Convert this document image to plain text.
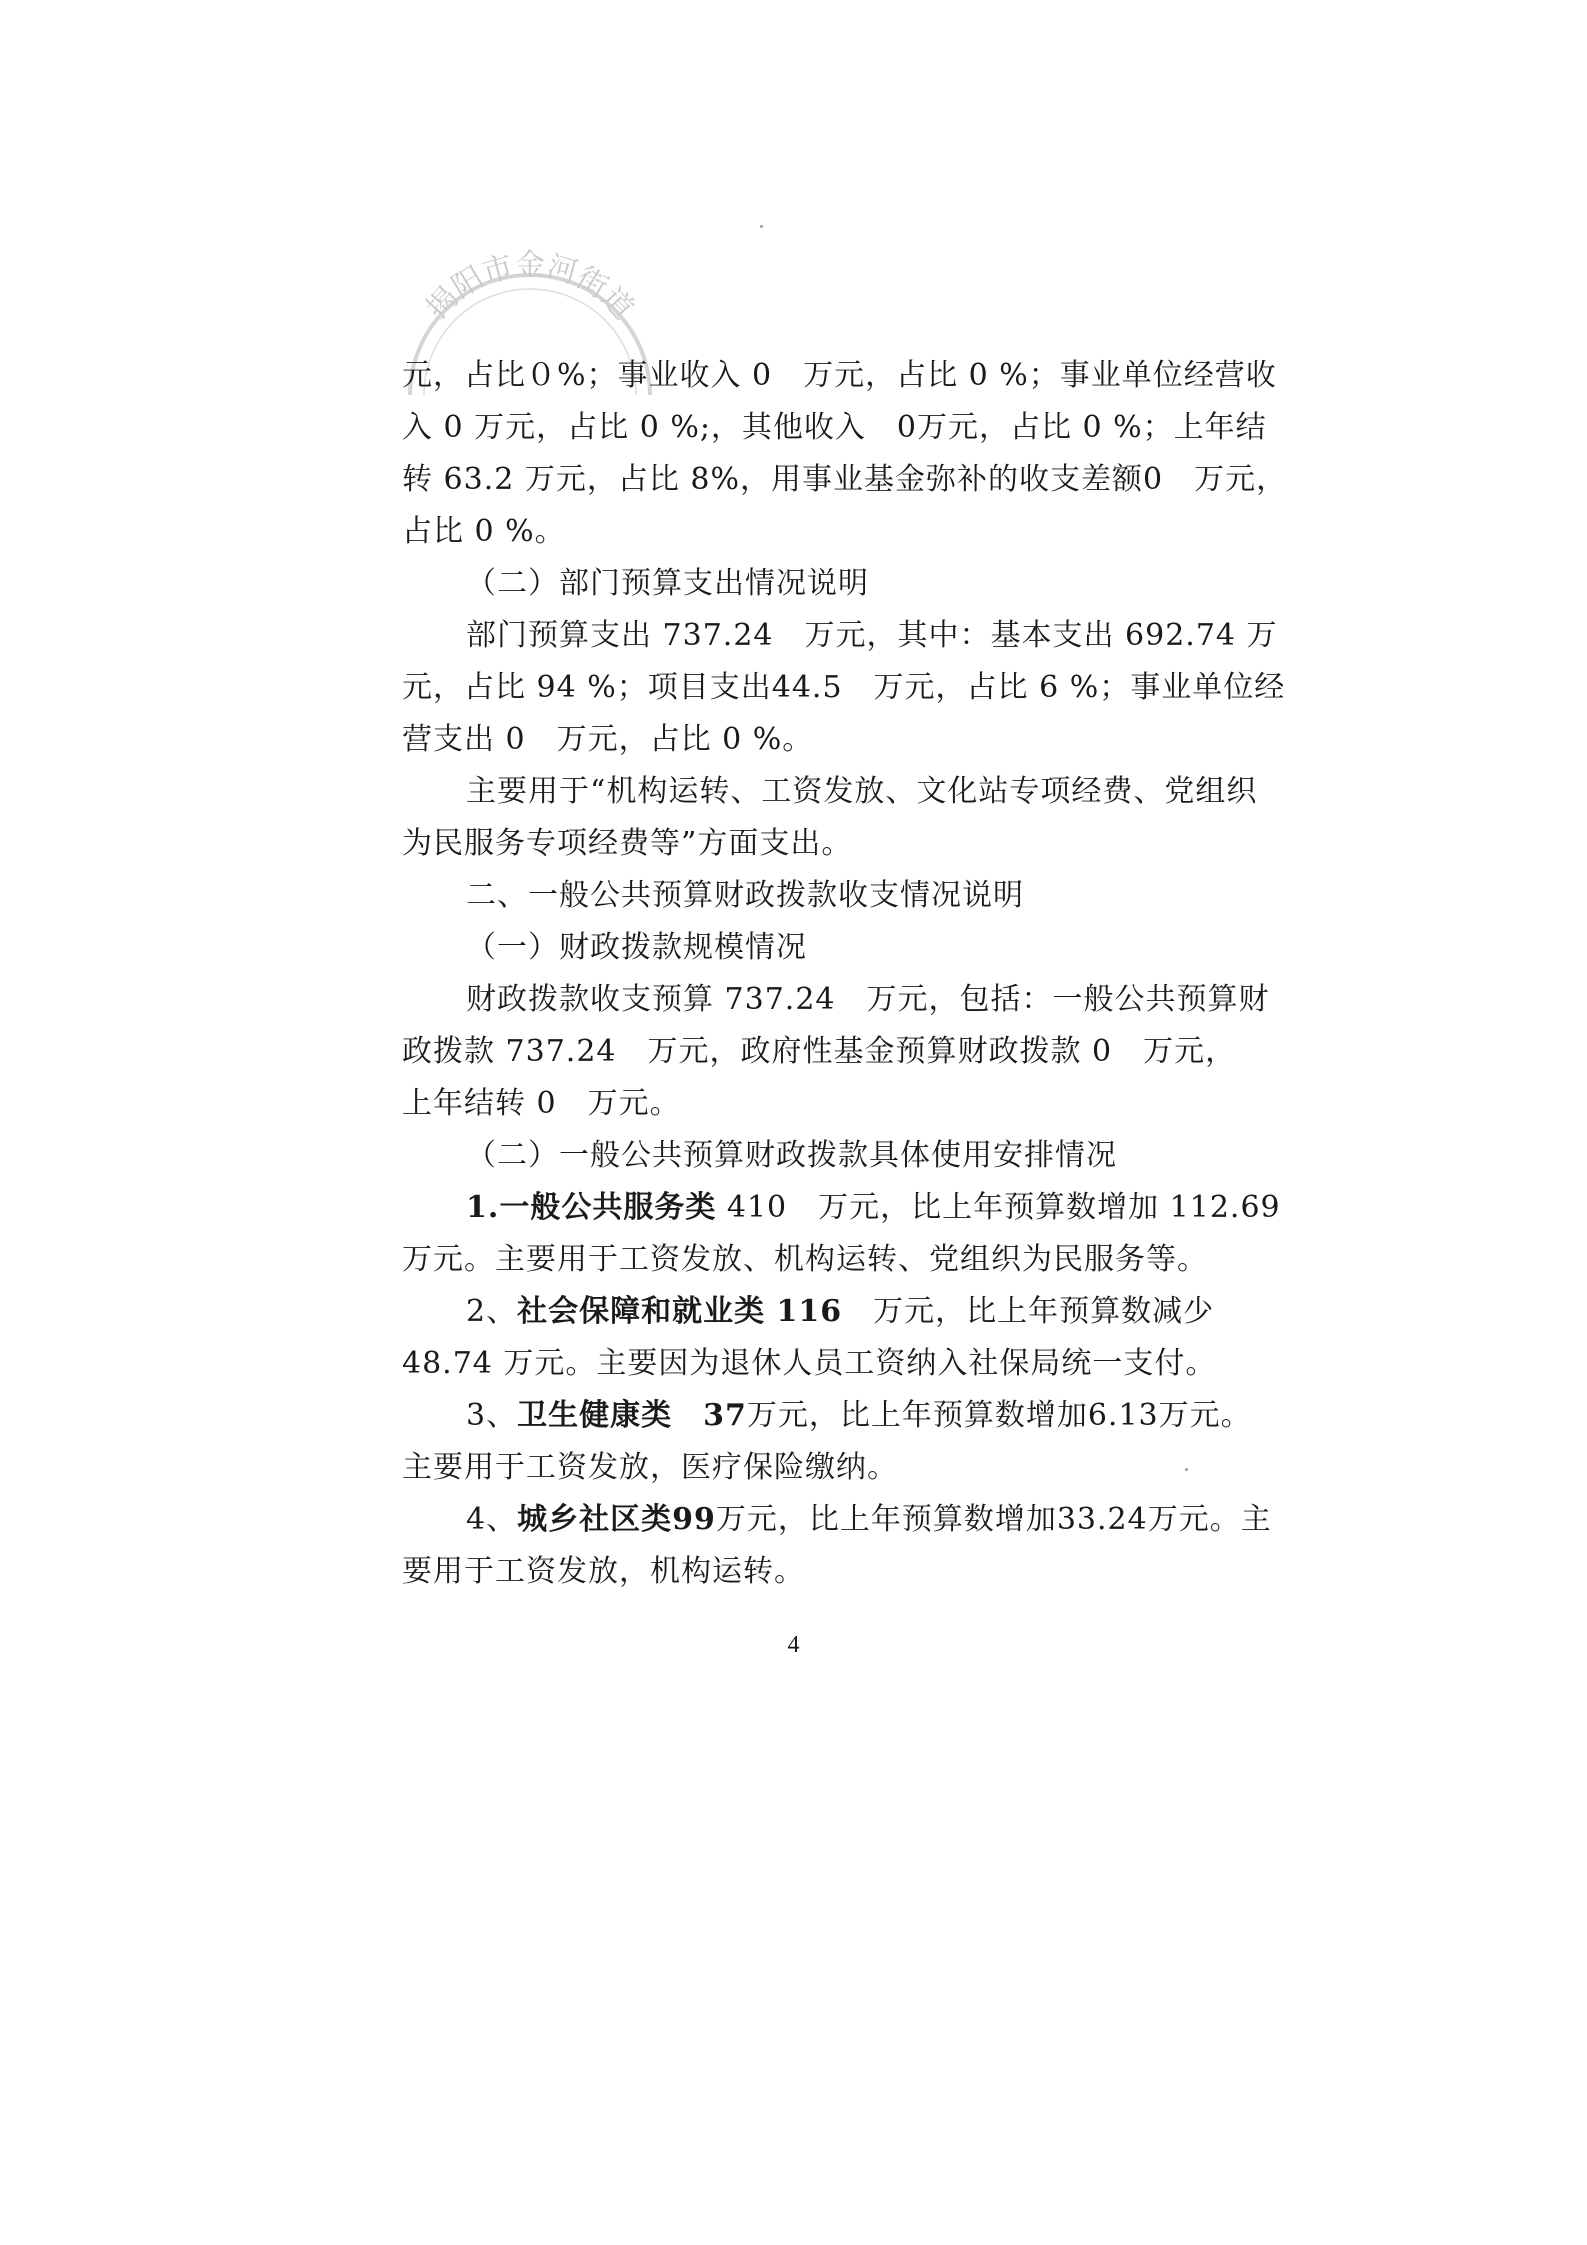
揭阳市金河街道
元，占比０%；事业收入 0　万元，占比 0 %；事业单位经营收
入 0 万元，占比 0 %;，其他收入　0万元，占比 0 %；上年结
转 63.2 万元，占比 8%，用事业基金弥补的收支差额0　万元，
占比 0 %。
（二）部门预算支出情况说明
部门预算支出 737.24　万元，其中：基本支出 692.74 万
元，占比 94 %；项目支出44.5　万元，占比 6 %；事业单位经
营支出 0　万元，占比 0 %。
主要用于“机构运转、工资发放、文化站专项经费、党组织
为民服务专项经费等”方面支出。
二、一般公共预算财政拨款收支情况说明
（一）财政拨款规模情况
财政拨款收支预算 737.24　万元，包括：一般公共预算财
政拨款 737.24　万元，政府性基金预算财政拨款 0　万元，
上年结转 0　万元。
（二）一般公共预算财政拨款具体使用安排情况
1.一般公共服务类 410　万元，比上年预算数增加 112.69
万元。主要用于工资发放、机构运转、党组织为民服务等。
2、社会保障和就业类 116　万元，比上年预算数减少
48.74 万元。主要因为退休人员工资纳入社保局统一支付。
3、卫生健康类　37万元，比上年预算数增加6.13万元。
主要用于工资发放，医疗保险缴纳。
4、城乡社区类99万元，比上年预算数增加33.24万元。主
要用于工资发放，机构运转。
4
